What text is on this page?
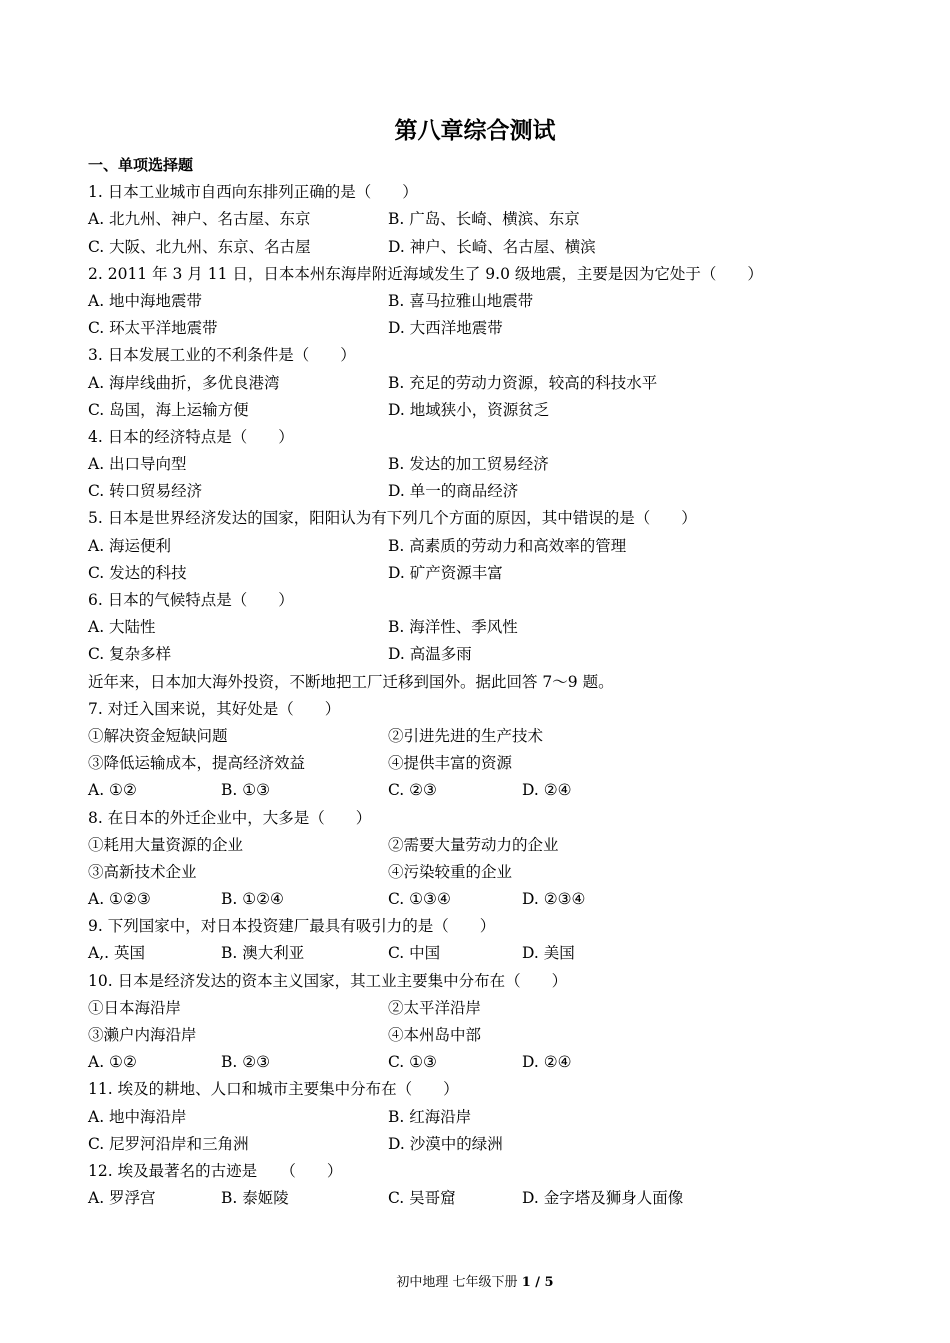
第八章综合测试
一、单项选择题
1. 日本工业城市自西向东排列正确的是（　　）
A. 北九州、神户、名古屋、东京	B. 广岛、长崎、横滨、东京
C. 大阪、北九州、东京、名古屋	D. 神户、长崎、名古屋、横滨
2. 2011 年 3 月 11 日，日本本州东海岸附近海域发生了 9.0 级地震，主要是因为它处于（　　）
A. 地中海地震带	B. 喜马拉雅山地震带
C. 环太平洋地震带	D. 大西洋地震带
3. 日本发展工业的不利条件是（　　）
A. 海岸线曲折，多优良港湾	B. 充足的劳动力资源，较高的科技水平
C. 岛国，海上运输方便	D. 地域狭小，资源贫乏
4. 日本的经济特点是（　　）
A. 出口导向型	B. 发达的加工贸易经济
C. 转口贸易经济	D. 单一的商品经济
5. 日本是世界经济发达的国家，阳阳认为有下列几个方面的原因，其中错误的是（　　）
A. 海运便利	B. 高素质的劳动力和高效率的管理
C. 发达的科技	D. 矿产资源丰富
6. 日本的气候特点是（　　）
A. 大陆性	B. 海洋性、季风性
C. 复杂多样	D. 高温多雨
近年来，日本加大海外投资，不断地把工厂迁移到国外。据此回答 7～9 题。
7. 对迁入国来说，其好处是（　　）
①解决资金短缺问题	②引进先进的生产技术
③降低运输成本，提高经济效益	④提供丰富的资源
A. ①②	B. ①③	C. ②③	D. ②④
8. 在日本的外迁企业中，大多是（　　）
①耗用大量资源的企业	②需要大量劳动力的企业
③高新技术企业	④污染较重的企业
A. ①②③	B. ①②④	C. ①③④	D. ②③④
9. 下列国家中，对日本投资建厂最具有吸引力的是（　　）
A,. 英国	B. 澳大利亚	C. 中国	D. 美国
10. 日本是经济发达的资本主义国家，其工业主要集中分布在（　　）
①日本海沿岸	②太平洋沿岸
③濑户内海沿岸	④本州岛中部
A. ①②	B. ②③	C. ①③	D. ②④
11. 埃及的耕地、人口和城市主要集中分布在（　　）
A. 地中海沿岸	B. 红海沿岸
C. 尼罗河沿岸和三角洲	D. 沙漠中的绿洲
12. 埃及最著名的古迹是　　（　　）
A. 罗浮宫	B. 泰姬陵	C. 吴哥窟	D. 金字塔及狮身人面像
初中地理 七年级下册 1 / 5
